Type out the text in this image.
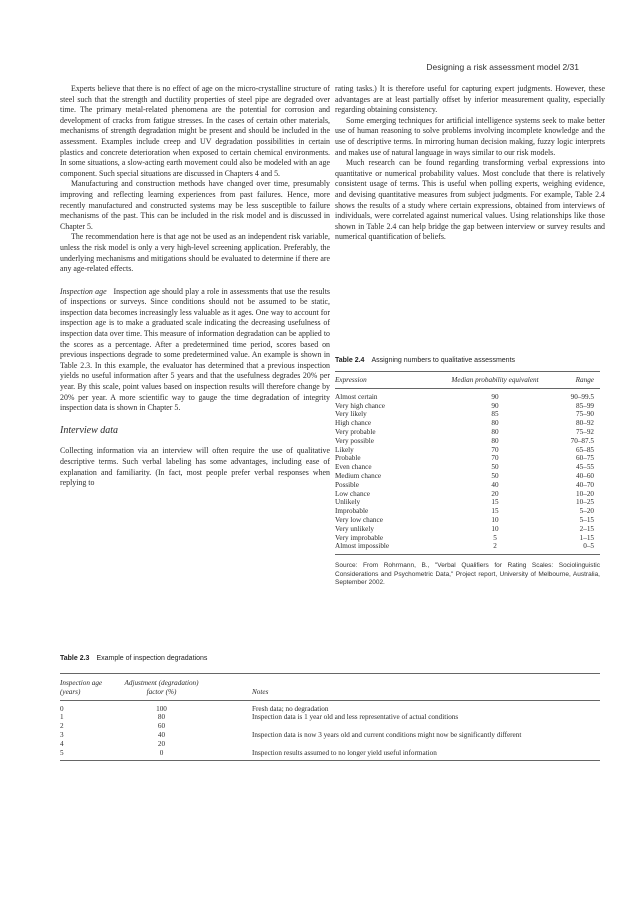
Designing a risk assessment model 2/31

Experts believe that there is no effect of age on the micro-crystalline structure of steel such that the strength and ductility properties of steel pipe are degraded over time. The primary metal-related phenomena are the potential for corrosion and development of cracks from fatigue stresses. In the cases of certain other materials, mechanisms of strength degradation might be present and should be included in the assessment. Examples include creep and UV degradation possibilities in certain plastics and concrete deterioration when exposed to certain chemical environments. In some situations, a slow-acting earth movement could also be modeled with an age component. Such special situations are discussed in Chapters 4 and 5.

Manufacturing and construction methods have changed over time, presumably improving and reflecting learning experiences from past failures. Hence, more recently manufactured and constructed systems may be less susceptible to failure mechanisms of the past. This can be included in the risk model and is discussed in Chapter 5.

The recommendation here is that age not be used as an independent risk variable, unless the risk model is only a very high-level screening application. Preferably, the underlying mechanisms and mitigations should be evaluated to determine if there are any age-related effects.

Inspection age Inspection age should play a role in assessments that use the results of inspections or surveys. Since conditions should not be assumed to be static, inspection data becomes increasingly less valuable as it ages. One way to account for inspection age is to make a graduated scale indicating the decreasing usefulness of inspection data over time. This measure of information degradation can be applied to the scores as a percentage. After a predetermined time period, scores based on previous inspections degrade to some predetermined value. An example is shown in Table 2.3. In this example, the evaluator has determined that a previous inspection yields no useful information after 5 years and that the usefulness degrades 20% per year. By this scale, point values based on inspection results will therefore change by 20% per year. A more scientific way to gauge the time degradation of integrity inspection data is shown in Chapter 5.

Interview data

Collecting information via an interview will often require the use of qualitative descriptive terms. Such verbal labeling has some advantages, including ease of explanation and familiarity. (In fact, most people prefer verbal responses when replying to

rating tasks.) It is therefore useful for capturing expert judgments. However, these advantages are at least partially offset by inferior measurement quality, especially regarding obtaining consistency.

Some emerging techniques for artificial intelligence systems seek to make better use of human reasoning to solve problems involving incomplete knowledge and the use of descriptive terms. In mirroring human decision making, fuzzy logic interprets and makes use of natural language in ways similar to our risk models.

Much research can be found regarding transforming verbal expressions into quantitative or numerical probability values. Most conclude that there is relatively consistent usage of terms. This is useful when polling experts, weighing evidence, and devising quantitative measures from subject judgments. For example, Table 2.4 shows the results of a study where certain expressions, obtained from interviews of individuals, were correlated against numerical values. Using relationships like those shown in Table 2.4 can help bridge the gap between interview or survey results and numerical quantification of beliefs.

Table 2.4 Assigning numbers to qualitative assessments
Expression	Median probability equivalent	Range
Almost certain	90	90–99.5
Very high chance	90	85–99
Very likely	85	75–90
High chance	80	80–92
Very probable	80	75–92
Very possible	80	70–87.5
Likely	70	65–85
Probable	70	60–75
Even chance	50	45–55
Medium chance	50	40–60
Possible	40	40–70
Low chance	20	10–20
Unlikely	15	10–25
Improbable	15	5–20
Very low chance	10	5–15
Very unlikely	10	2–15
Very improbable	5	1–15
Almost impossible	2	0–5
Source: From Rohrmann, B., "Verbal Qualifiers for Rating Scales: Sociolinguistic Considerations and Psychometric Data," Project report, University of Melbourne, Australia, September 2002.
Table 2.3 Example of inspection degradations
Inspection age (years)	Adjustment (degradation) factor (%)	Notes
0	100	Fresh data; no degradation
1	80	Inspection data is 1 year old and less representative of actual conditions
2	60	
3	40	Inspection data is now 3 years old and current conditions might now be significantly different
4	20	
5	0	Inspection results assumed to no longer yield useful information
